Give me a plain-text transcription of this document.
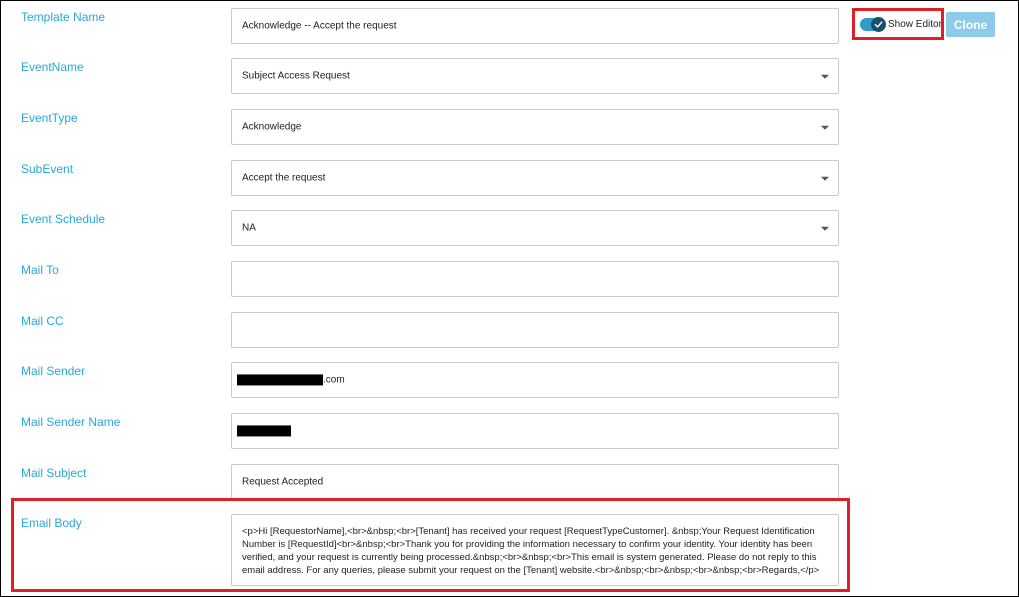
Template Name
Acknowledge -- Accept the request
EventName
Subject Access Request
EventType
Acknowledge
SubEvent
Accept the request
Event Schedule
NA
Mail To
Mail CC
Mail Sender
.com
Mail Sender Name
Mail Subject
Request Accepted
Email Body
<p>Hi [RequestorName],<br>&nbsp;<br>[Tenant] has received your request [RequestTypeCustomer]. &nbsp;Your Request Identification Number is [RequestId]<br>&nbsp;<br>Thank you for providing the information necessary to confirm your identity. Your identity has been verified, and your request is currently being processed.&nbsp;<br>&nbsp;<br>This email is system generated. Please do not reply to this email address. For any queries, please submit your request on the [Tenant] website.<br>&nbsp;<br>&nbsp;<br>&nbsp;<br>Regards,</p>
Show Editor Clone
